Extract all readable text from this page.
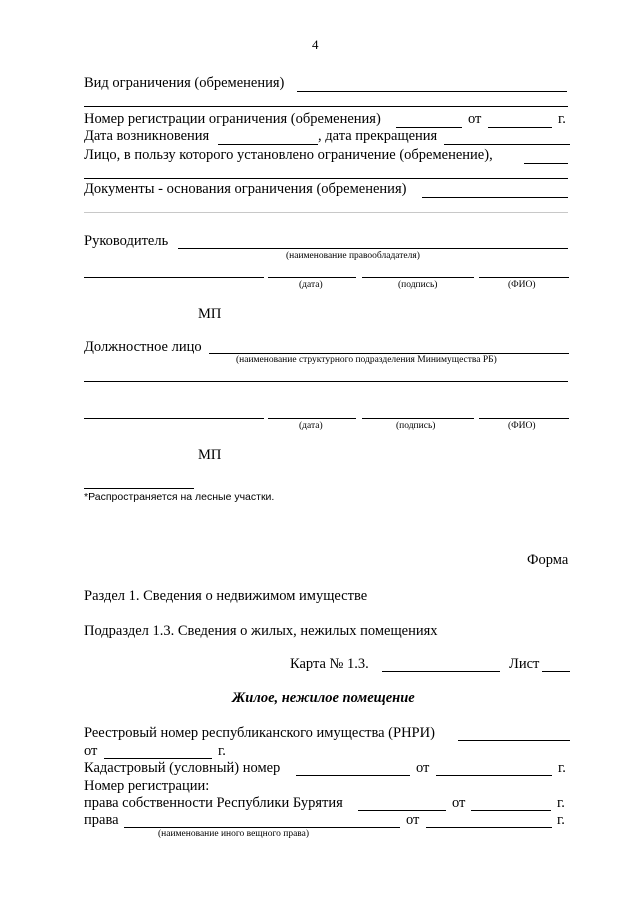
4
Вид ограничения (обременения)
Номер регистрации ограничения (обременения)	от	г.
Дата возникновения	, дата прекращения
Лицо, в пользу которого установлено ограничение (обременение),
Документы - основания ограничения (обременения)
Руководитель
(наименование правообладателя)
(дата)	(подпись)	(ФИО)
МП
Должностное лицо
(наименование структурного подразделения Минимущества РБ)
(дата)	(подпись)	(ФИО)
МП
*Распространяется на лесные участки.
Форма
Раздел 1. Сведения о недвижимом имуществе
Подраздел 1.3. Сведения о жилых, нежилых помещениях
Карта № 1.3.	Лист
Жилое, нежилое помещение
Реестровый номер республиканского имущества (РНРИ)
от	г.
Кадастровый (условный) номер	от	г.
Номер регистрации:
права собственности Республики Бурятия	от	г.
права	от	г.
(наименование иного вещного права)
